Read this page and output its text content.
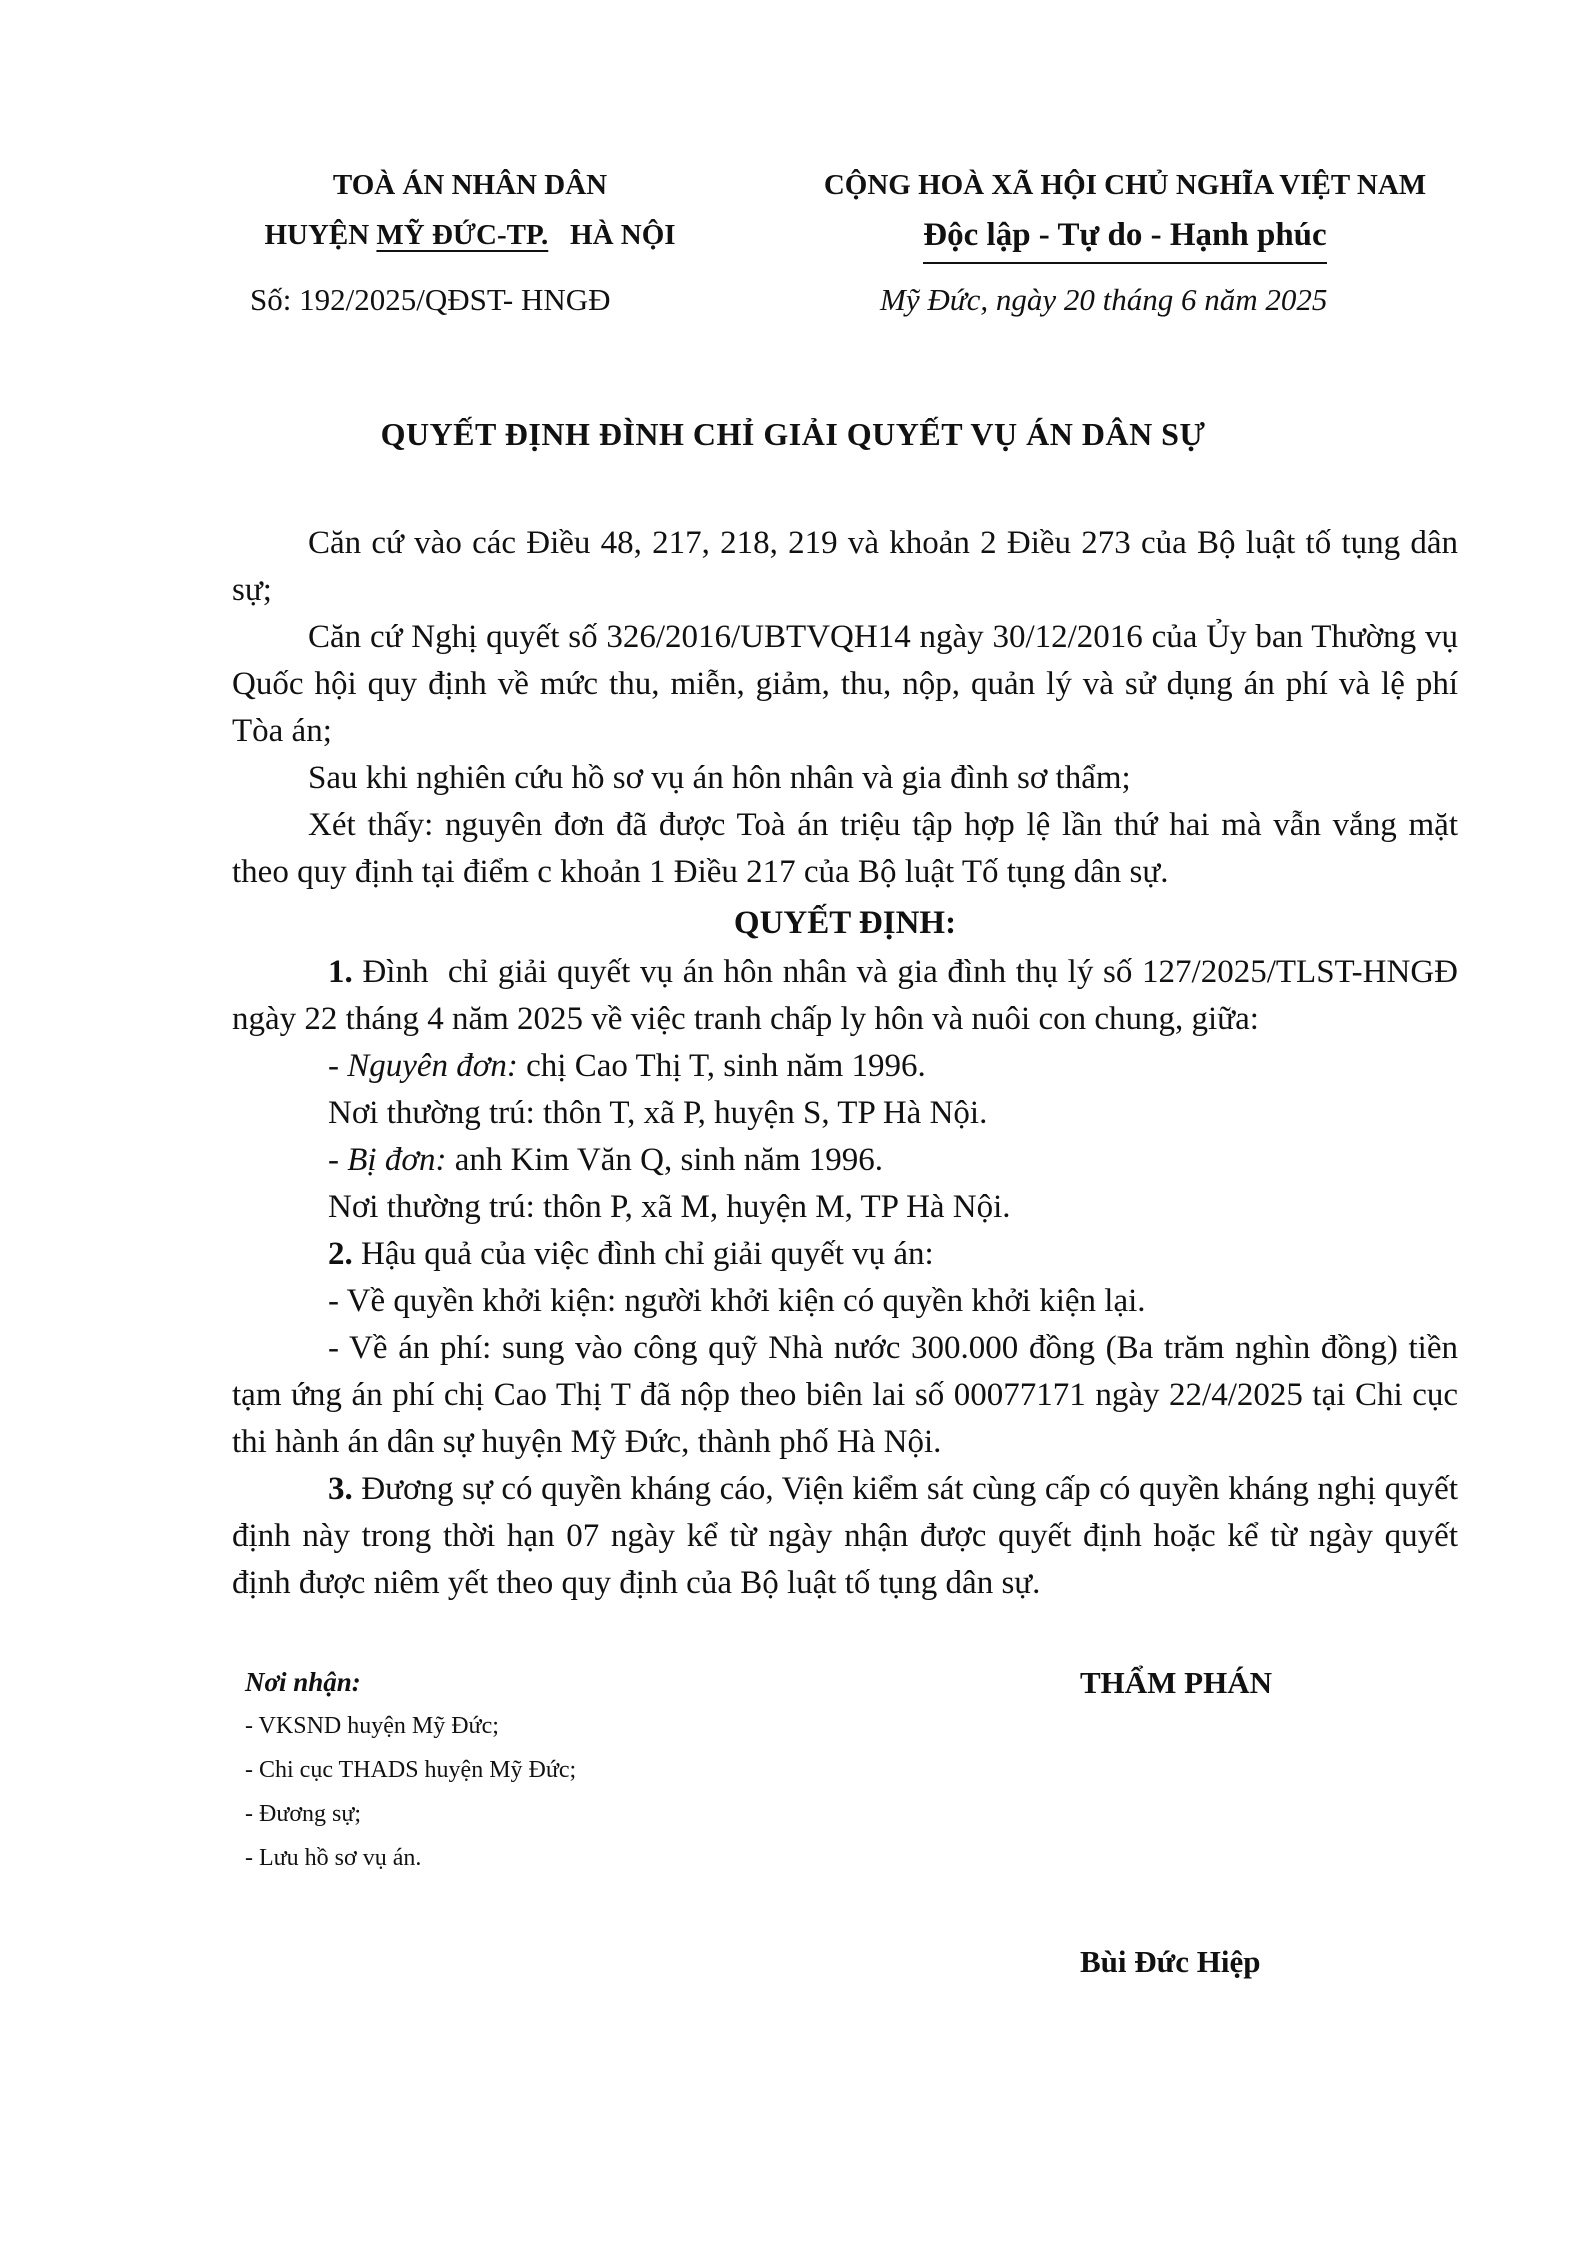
TOÀ ÁN NHÂN DÂN
HUYỆN MỸ ĐỨC-TP.   HÀ NỘI
CỘNG HOÀ XÃ HỘI CHỦ NGHĨA VIỆT NAM
Độc lập - Tự do - Hạnh phúc
Số: 192/2025/QĐST- HNGĐ	Mỹ Đức, ngày 20 tháng 6 năm 2025
QUYẾT ĐỊNH ĐÌNH CHỈ GIẢI QUYẾT VỤ ÁN DÂN SỰ

Căn cứ vào các Điều 48, 217, 218, 219 và khoản 2 Điều 273 của Bộ luật tố tụng dân sự;

Căn cứ Nghị quyết số 326/2016/UBTVQH14 ngày 30/12/2016 của Ủy ban Thường vụ Quốc hội quy định về mức thu, miễn, giảm, thu, nộp, quản lý và sử dụng án phí và lệ phí Tòa án;

Sau khi nghiên cứu hồ sơ vụ án hôn nhân và gia đình sơ thẩm;

Xét thấy: nguyên đơn đã được Toà án triệu tập hợp lệ lần thứ hai mà vẫn vắng mặt theo quy định tại điểm c khoản 1 Điều 217 của Bộ luật Tố tụng dân sự.

QUYẾT ĐỊNH:

1. Đình  chỉ giải quyết vụ án hôn nhân và gia đình thụ lý số 127/2025/TLST-HNGĐ ngày 22 tháng 4 năm 2025 về việc tranh chấp ly hôn và nuôi con chung, giữa:

- Nguyên đơn: chị Cao Thị T, sinh năm 1996.

Nơi thường trú: thôn T, xã P, huyện S, TP Hà Nội.

- Bị đơn: anh Kim Văn Q, sinh năm 1996.

Nơi thường trú: thôn P, xã M, huyện M, TP Hà Nội.

2. Hậu quả của việc đình chỉ giải quyết vụ án:

- Về quyền khởi kiện: người khởi kiện có quyền khởi kiện lại.

- Về án phí: sung vào công quỹ Nhà nước 300.000 đồng (Ba trăm nghìn đồng) tiền tạm ứng án phí chị Cao Thị T đã nộp theo biên lai số 00077171 ngày 22/4/2025 tại Chi cục thi hành án dân sự huyện Mỹ Đức, thành phố Hà Nội.

3. Đương sự có quyền kháng cáo, Viện kiểm sát cùng cấp có quyền kháng nghị quyết định này trong thời hạn 07 ngày kể từ ngày nhận được quyết định hoặc kể từ ngày quyết định được niêm yết theo quy định của Bộ luật tố tụng dân sự.

Nơi nhận:
- VKSND huyện Mỹ Đức;
- Chi cục THADS huyện Mỹ Đức;
- Đương sự;
- Lưu hồ sơ vụ án.
THẨM PHÁN
Bùi Đức Hiệp
